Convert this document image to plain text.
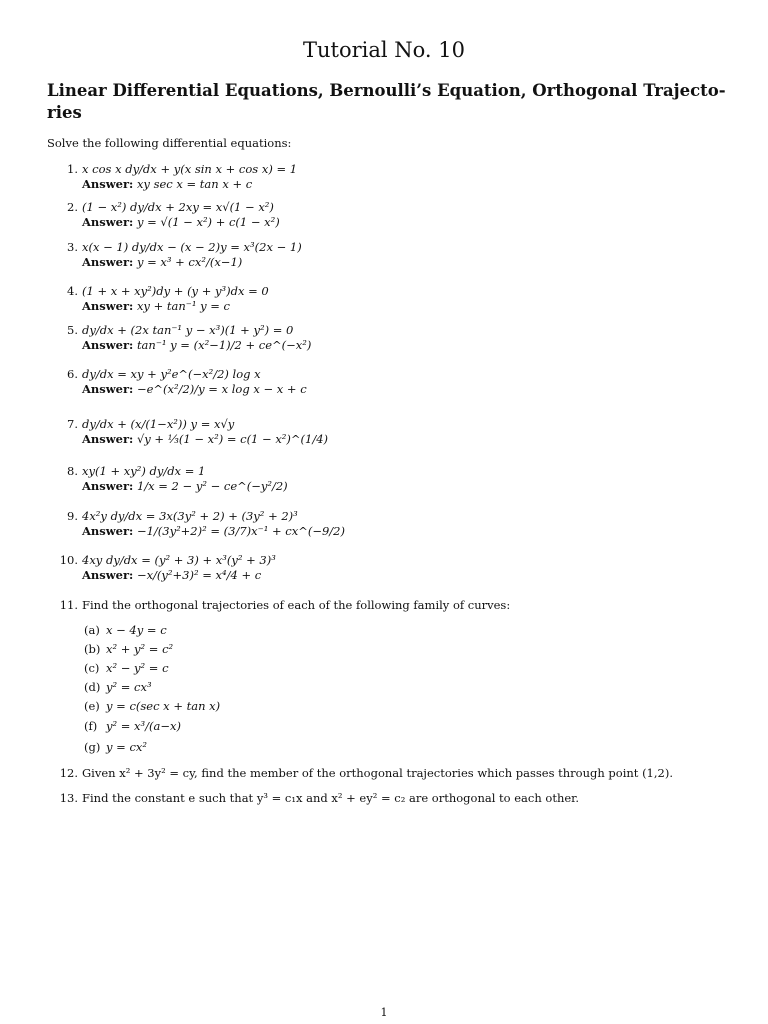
Tutorial No. 10
Linear Differential Equations, Bernoulli’s Equation, Orthogonal Trajecto-ries
Solve the following differential equations:
1. x cos x dy/dx + y(x sin x + cos x) = 1
Answer: xy sec x = tan x + c
2. (1 − x²) dy/dx + 2xy = x√(1 − x²)
Answer: y = √(1 − x²) + c(1 − x²)
3. x(x − 1) dy/dx − (x − 2)y = x³(2x − 1)
Answer: y = x³ + cx²/(x−1)
4. (1 + x + xy²)dy + (y + y³)dx = 0
Answer: xy + tan⁻¹ y = c
5. dy/dx + (2x tan⁻¹ y − x³)(1 + y²) = 0
Answer: tan⁻¹ y = (x²−1)/2 + ce^(−x²)
6. dy/dx = xy + y²e^(−x²/2) log x
Answer: −e^(x²/2)/y = x log x − x + c
7. dy/dx + (x/(1−x²)) y = x√y
Answer: √y + ⅓(1 − x²) = c(1 − x²)^(1/4)
8. xy(1 + xy²) dy/dx = 1
Answer: 1/x = 2 − y² − ce^(−y²/2)
9. 4x²y dy/dx = 3x(3y² + 2) + (3y² + 2)³
Answer: −1/(3y²+2)² = (3/7)x⁻¹ + cx^(−9/2)
10. 4xy dy/dx = (y² + 3) + x³(y² + 3)³
Answer: −x/(y²+3)² = x⁴/4 + c
11. Find the orthogonal trajectories of each of the following family of curves:
(a) x − 4y = c
(b) x² + y² = c²
(c) x² − y² = c
(d) y² = cx³
(e) y = c(sec x + tan x)
(f) y² = x³/(a−x)
(g) y = cx²
12. Given x² + 3y² = cy, find the member of the orthogonal trajectories which passes through point (1,2).
13. Find the constant e such that y³ = c₁x and x² + ey² = c₂ are orthogonal to each other.
1
